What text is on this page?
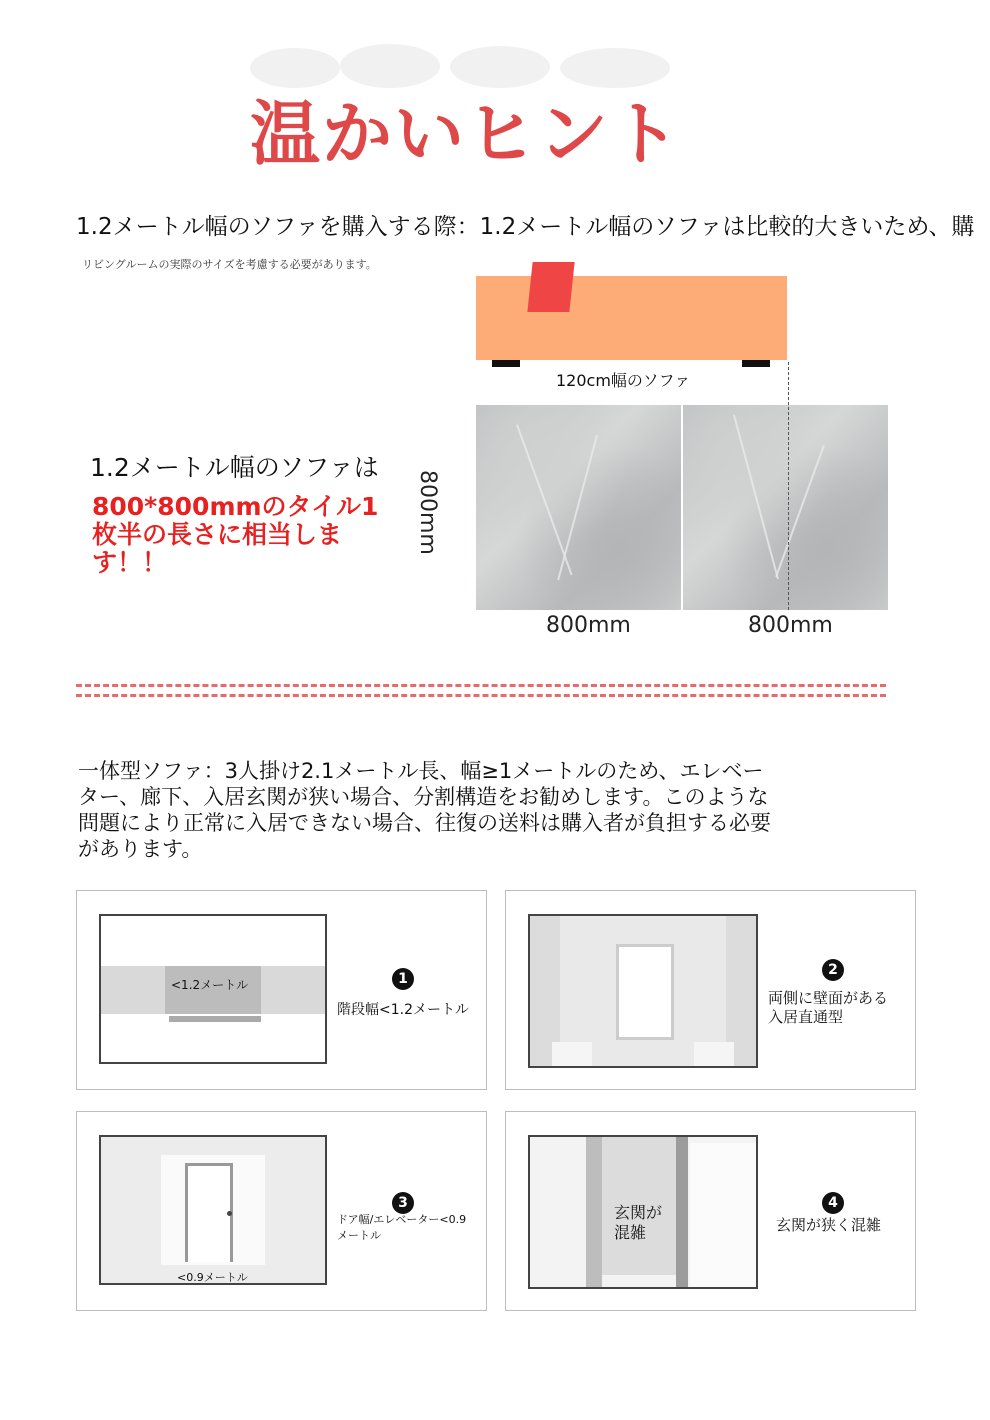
温かいヒント
1.2メートル幅のソファを購入する際：1.2メートル幅のソファは比較的大きいため、購
リビングルームの実際のサイズを考慮する必要があります。
120cm幅のソファ
800mm
800mm	800mm
1.2メートル幅のソファは
800*800mmのタイル1枚半の長さに相当します！！
一体型ソファ：3人掛け2.1メートル長、幅≥1メートルのため、エレベーター、廊下、入居玄関が狭い場合、分割構造をお勧めします。このような問題により正常に入居できない場合、往復の送料は購入者が負担する必要があります。
<1.2メートル	1
階段幅<1.2メートル
2
両側に壁面がある入居直通型
<0.9メートル
3
ドア幅/エレベーター<0.9メートル
玄関が混雑
4
玄関が狭く混雑
